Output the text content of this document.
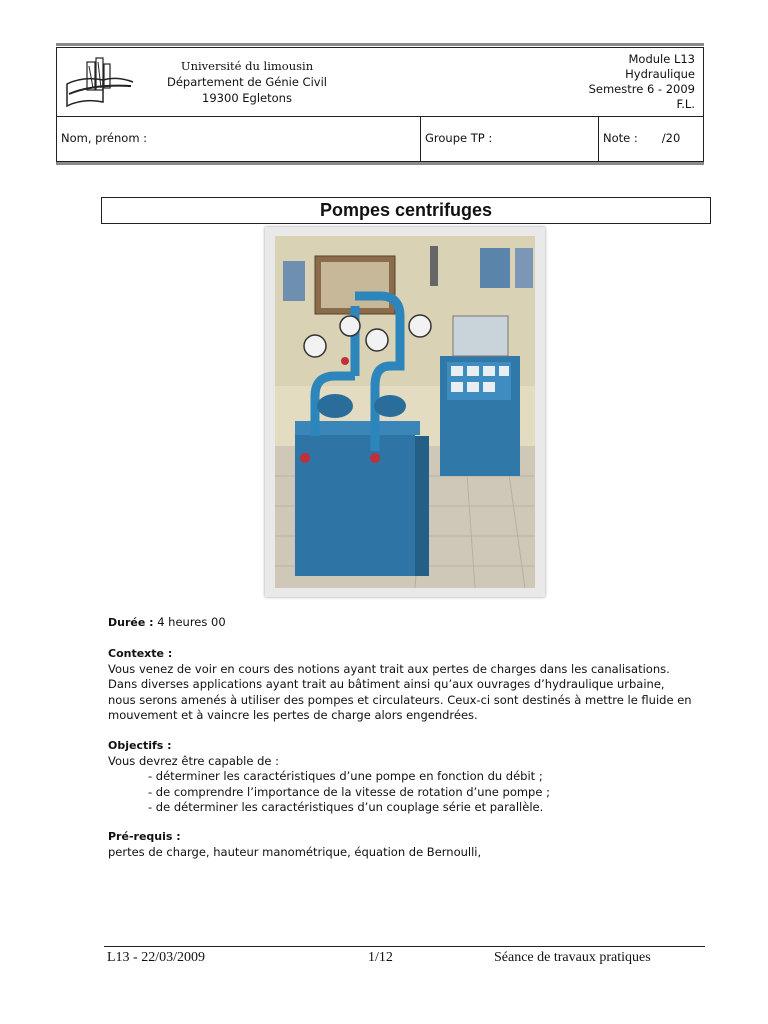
Université du limousin
Département de Génie Civil
19300 Egletons
Module L13
Hydraulique
Semestre 6 - 2009
F.L.
Nom, prénom :	Groupe TP :	Note : /20
Pompes centrifuges
Durée : 4 heures 00
Contexte :
Vous venez de voir en cours des notions ayant trait aux pertes de charges dans les canalisations.
Dans diverses applications ayant trait au bâtiment ainsi qu’aux ouvrages d’hydraulique urbaine,
nous serons amenés à utiliser des pompes et circulateurs. Ceux-ci sont destinés à mettre le fluide en
mouvement et à vaincre les pertes de charge alors engendrées.
Objectifs :
Vous devrez être capable de :
- déterminer les caractéristiques d’une pompe en fonction du débit ;
- de comprendre l’importance de la vitesse de rotation d’une pompe ;
- de déterminer les caractéristiques d’un couplage série et parallèle.
Pré-requis :
pertes de charge, hauteur manométrique, équation de Bernoulli,
L13 - 22/03/2009	1/12	Séance de travaux pratiques
